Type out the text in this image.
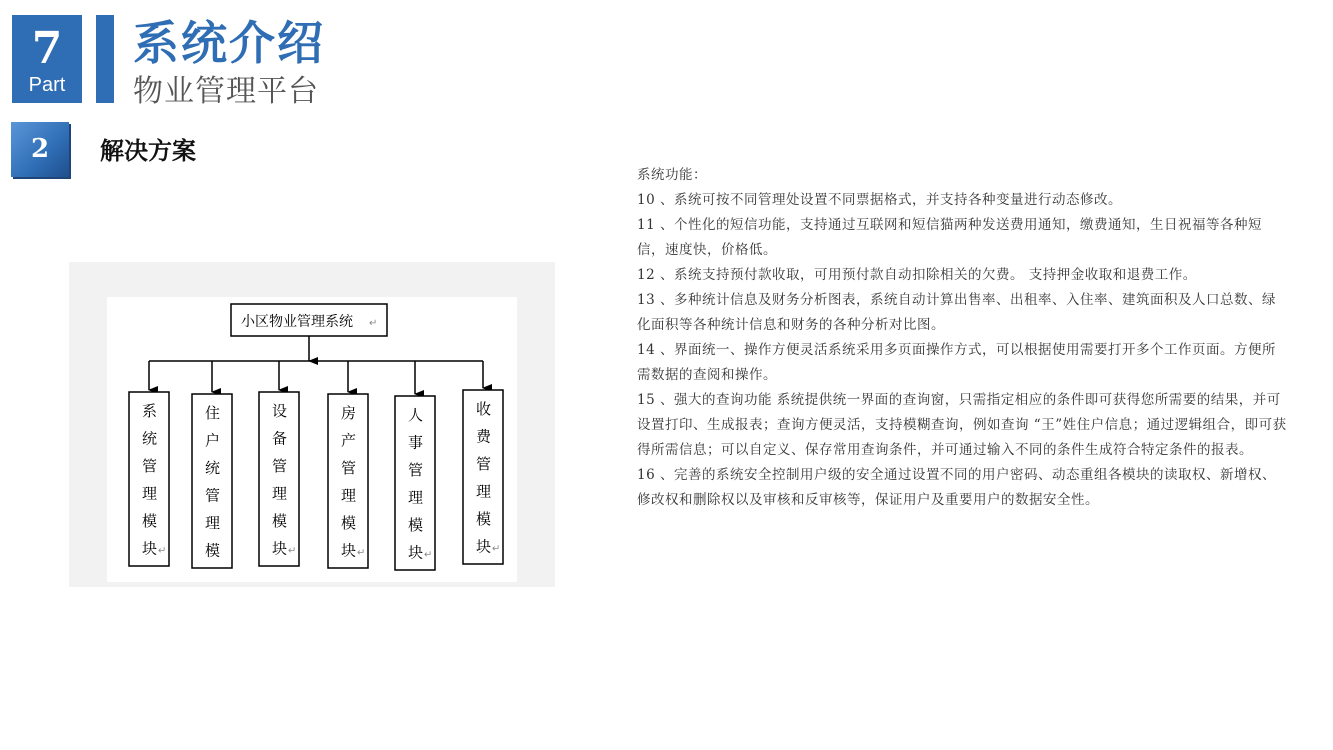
7
Part
系统介绍
物业管理平台
2	解决方案
小区物业管理系统 ↵
系
统
管
理
模
块 ↵
住
户
统
管
理
模
设
备
管
理
模
块 ↵
房
产
管
理
模
块 ↵
人
事
管
理
模
块 ↵
收
费
管
理
模
块 ↵

系统功能：

10 、系统可按不同管理处设置不同票据格式，并支持各种变量进行动态修改。

11 、个性化的短信功能，支持通过互联网和短信猫两种发送费用通知，缴费通知，生日祝福等各种短信，速度快，价格低。

12 、系统支持预付款收取，可用预付款自动扣除相关的欠费。 支持押金收取和退费工作。

13 、多种统计信息及财务分析图表，系统自动计算出售率、出租率、入住率、建筑面积及人口总数、绿化面积等各种统计信息和财务的各种分析对比图。

14 、界面统一、操作方便灵活系统采用多页面操作方式，可以根据使用需要打开多个工作页面。方便所需数据的查阅和操作。

15 、强大的查询功能 系统提供统一界面的查询窗，只需指定相应的条件即可获得您所需要的结果，并可设置打印、生成报表；查询方便灵活，支持模糊查询，例如查询 “王”姓住户信息；通过逻辑组合，即可获得所需信息；可以自定义、保存常用查询条件，并可通过输入不同的条件生成符合特定条件的报表。

16 、完善的系统安全控制用户级的安全通过设置不同的用户密码、动态重组各模块的读取权、新增权、修改权和删除权以及审核和反审核等，保证用户及重要用户的数据安全性。
